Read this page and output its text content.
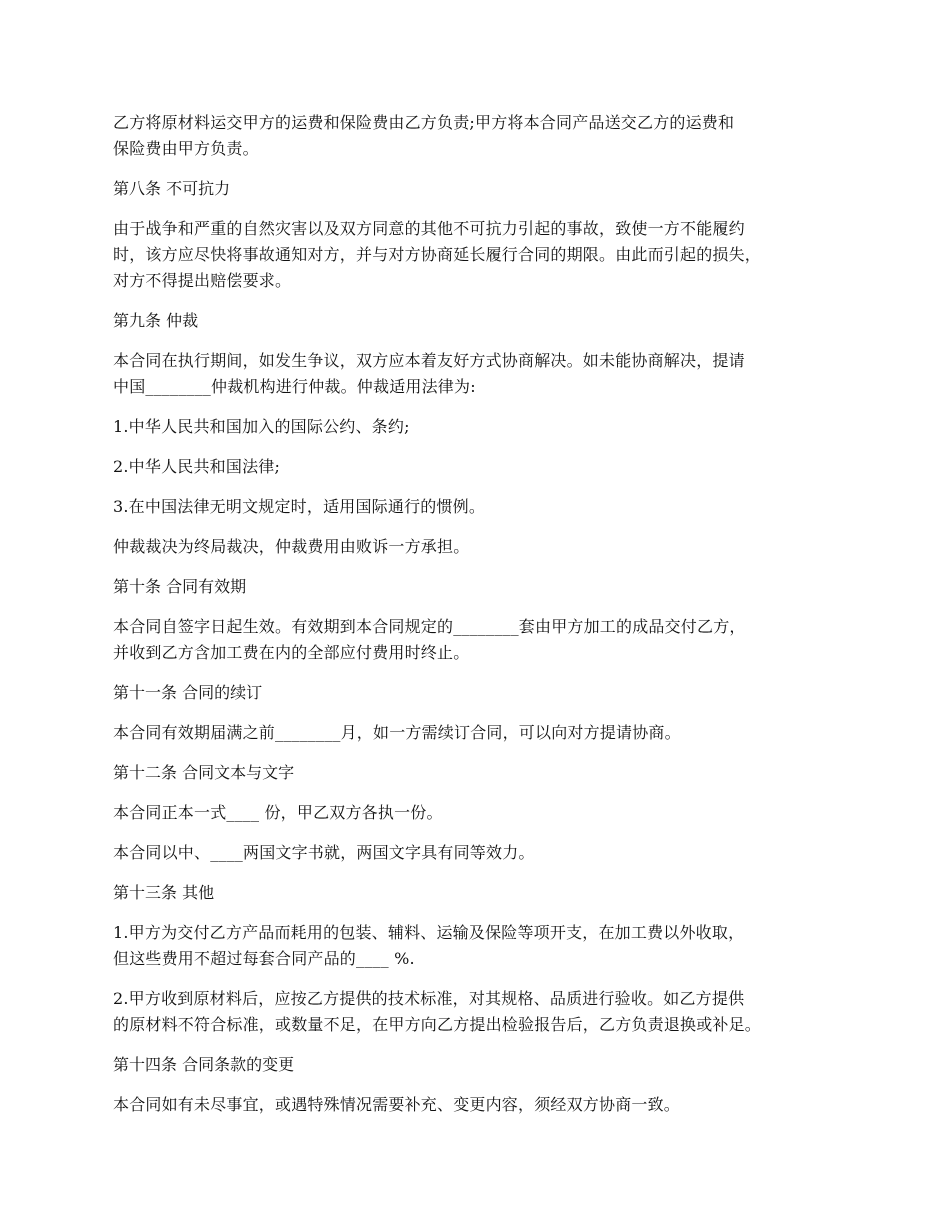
乙方将原材料运交甲方的运费和保险费由乙方负责;甲方将本合同产品送交乙方的运费和
保险费由甲方负责。

第八条 不可抗力

由于战争和严重的自然灾害以及双方同意的其他不可抗力引起的事故，致使一方不能履约
时，该方应尽快将事故通知对方，并与对方协商延长履行合同的期限。由此而引起的损失，
对方不得提出赔偿要求。

第九条 仲裁

本合同在执行期间，如发生争议，双方应本着友好方式协商解决。如未能协商解决，提请
中国________仲裁机构进行仲裁。仲裁适用法律为:

1.中华人民共和国加入的国际公约、条约;

2.中华人民共和国法律;

3.在中国法律无明文规定时，适用国际通行的惯例。

仲裁裁决为终局裁决，仲裁费用由败诉一方承担。

第十条 合同有效期

本合同自签字日起生效。有效期到本合同规定的________套由甲方加工的成品交付乙方，
并收到乙方含加工费在内的全部应付费用时终止。

第十一条 合同的续订

本合同有效期届满之前________月，如一方需续订合同，可以向对方提请协商。

第十二条 合同文本与文字

本合同正本一式____ 份，甲乙双方各执一份。

本合同以中、____两国文字书就，两国文字具有同等效力。

第十三条 其他

1.甲方为交付乙方产品而耗用的包装、辅料、运输及保险等项开支，在加工费以外收取，
但这些费用不超过每套合同产品的____ %.

2.甲方收到原材料后，应按乙方提供的技术标准，对其规格、品质进行验收。如乙方提供
的原材料不符合标准，或数量不足，在甲方向乙方提出检验报告后，乙方负责退换或补足。

第十四条 合同条款的变更

本合同如有未尽事宜，或遇特殊情况需要补充、变更内容，须经双方协商一致。
